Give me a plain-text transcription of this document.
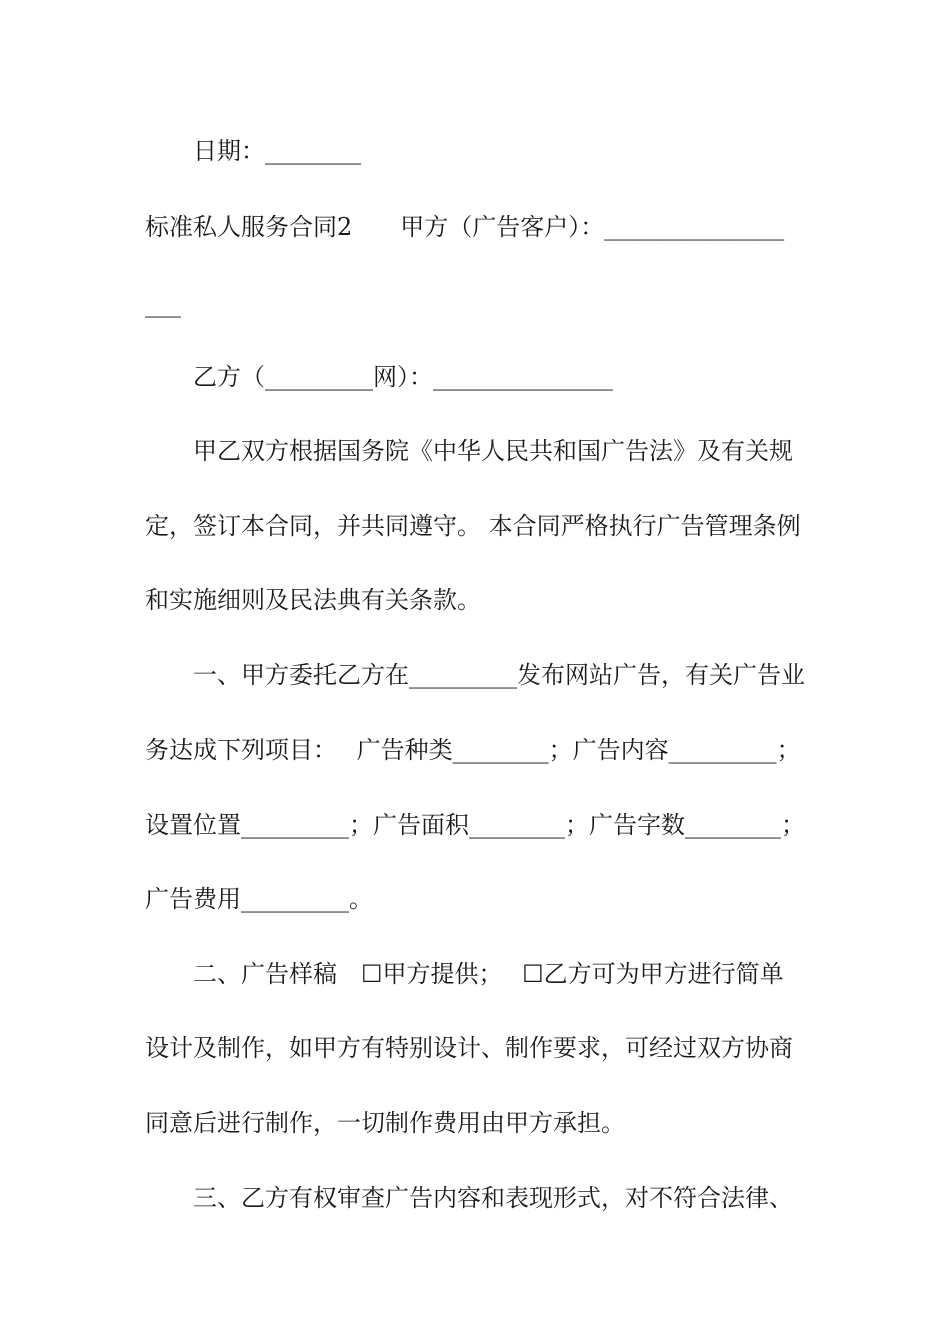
　　日期：________

标准私人服务合同2　　甲方（广告客户）：_______________

___

　　乙方（_________网）：_______________

　　甲乙双方根据国务院《中华人民共和国广告法》及有关规

定，签订本合同，并共同遵守。 本合同严格执行广告管理条例

和实施细则及民法典有关条款。

　　一、甲方委托乙方在_________发布网站广告，有关广告业

务达成下列项目：　 广告种类________；广告内容_________；

设置位置_________；广告面积________；广告字数________；

广告费用_________。

　　二、广告样稿　☐甲方提供；　 ☐乙方可为甲方进行简单

设计及制作，如甲方有特别设计、制作要求，可经过双方协商

同意后进行制作，一切制作费用由甲方承担。

　　三、乙方有权审查广告内容和表现形式，对不符合法律、
